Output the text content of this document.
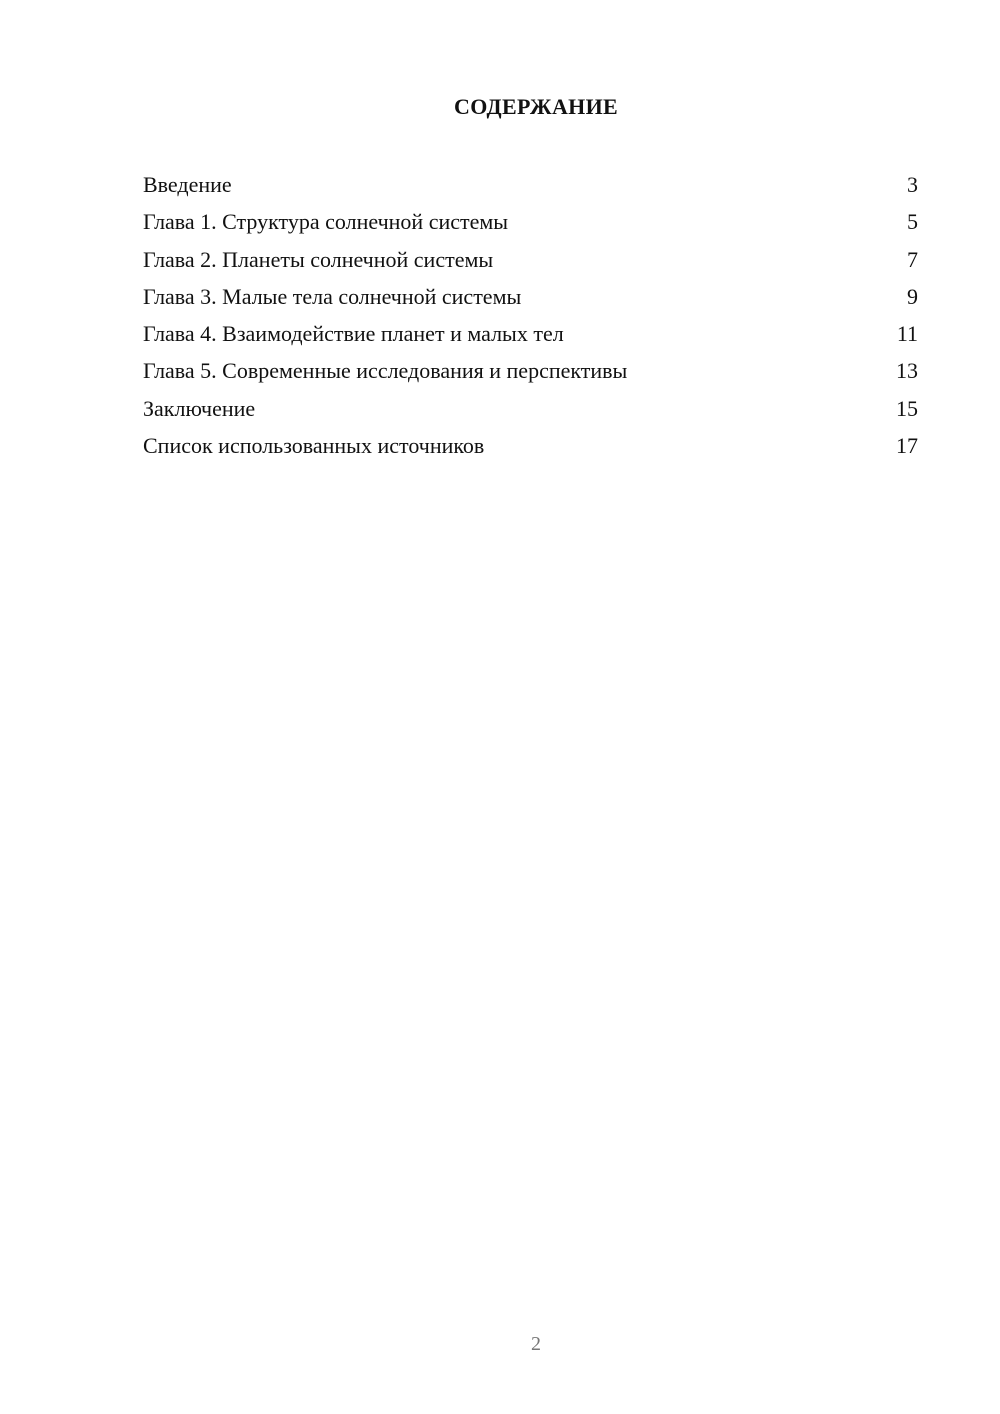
СОДЕРЖАНИЕ
Введение	3
Глава 1. Структура солнечной системы	5
Глава 2. Планеты солнечной системы	7
Глава 3. Малые тела солнечной системы	9
Глава 4. Взаимодействие планет и малых тел	11
Глава 5. Современные исследования и перспективы	13
Заключение	15
Список использованных источников	17
2
